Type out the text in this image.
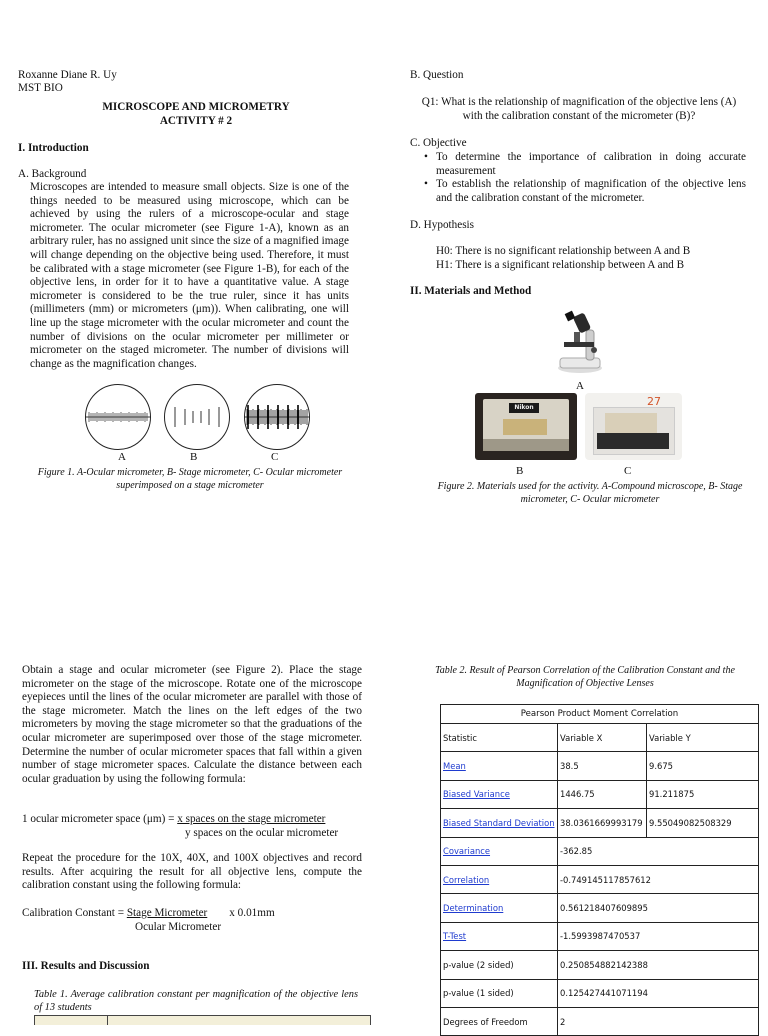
Roxanne Diane R. Uy
MST BIO
MICROSCOPE AND MICROMETRY
ACTIVITY # 2
I. Introduction
A. Background
Microscopes are intended to measure small objects. Size is one of the things needed to be measured using microscope, which can be achieved by using the rulers of a microscope-ocular and stage micrometer. The ocular micrometer (see Figure 1-A), known as an arbitrary ruler, has no assigned unit since the size of a magnified image will change depending on the objective being used. Therefore, it must be calibrated with a stage micrometer (see Figure 1-B), for each of the objective lens, in order for it to have a quantitative value. A stage micrometer is considered to be the true ruler, since it has units (millimeters (mm) or micrometers (μm)). When calibrating, one will line up the stage micrometer with the ocular micrometer and count the number of divisions on the ocular micrometer per millimeter or micrometer on the staged micrometer. The number of divisions will change as the magnification changes.
A	B	C
Figure 1. A-Ocular micrometer, B- Stage micrometer, C- Ocular micrometer superimposed on a stage micrometer
B. Question
Q1: What is the relationship of magnification of the objective lens (A) with the calibration constant of the micrometer (B)?
C. Objective
• To determine the importance of calibration in doing accurate measurement
• To establish the relationship of magnification of the objective lens and the calibration constant of the micrometer.
D. Hypothesis
H0: There is no significant relationship between A and B
H1: There is a significant relationship between A and B
II. Materials and Method
A
Nikon
B
27
C
Figure 2. Materials used for the activity. A-Compound microscope, B- Stage micrometer, C- Ocular micrometer
Obtain a stage and ocular micrometer (see Figure 2). Place the stage micrometer on the stage of the microscope. Rotate one of the microscope eyepieces until the lines of the ocular micrometer are parallel with those of the stage micrometer. Match the lines on the left edges of the two micrometers by moving the stage micrometer so that the graduations of the ocular micrometer are superimposed over those of the stage micrometer. Determine the number of ocular micrometer spaces that fall within a given number of stage micrometer spaces. Calculate the distance between each ocular graduation by using the following formula:
1 ocular micrometer space (μm) = x spaces on the stage micrometer
y spaces on the ocular micrometer
Repeat the procedure for the 10X, 40X, and 100X objectives and record results. After acquiring the result for all objective lens, compute the calibration constant using the following formula:
Calibration Constant = Stage Micrometer x 0.01mm
Ocular Micrometer
III. Results and Discussion
Table 1. Average calibration constant per magnification of the objective lens of 13 students
Table 2. Result of Pearson Correlation of the Calibration Constant and the Magnification of Objective Lenses
Pearson Product Moment Correlation		
Statistic	Variable X	Variable Y
Mean	38.5	9.675
Biased Variance	1446.75	91.211875
Biased Standard Deviation	38.0361669993179	9.55049082508329
Covariance	-362.85	
Correlation	-0.749145117857612	
Determination	0.561218407609895	
T-Test	-1.5993987470537	
p-value (2 sided)	0.250854882142388	
p-value (1 sided)	0.125427441071194	
Degrees of Freedom	2	
